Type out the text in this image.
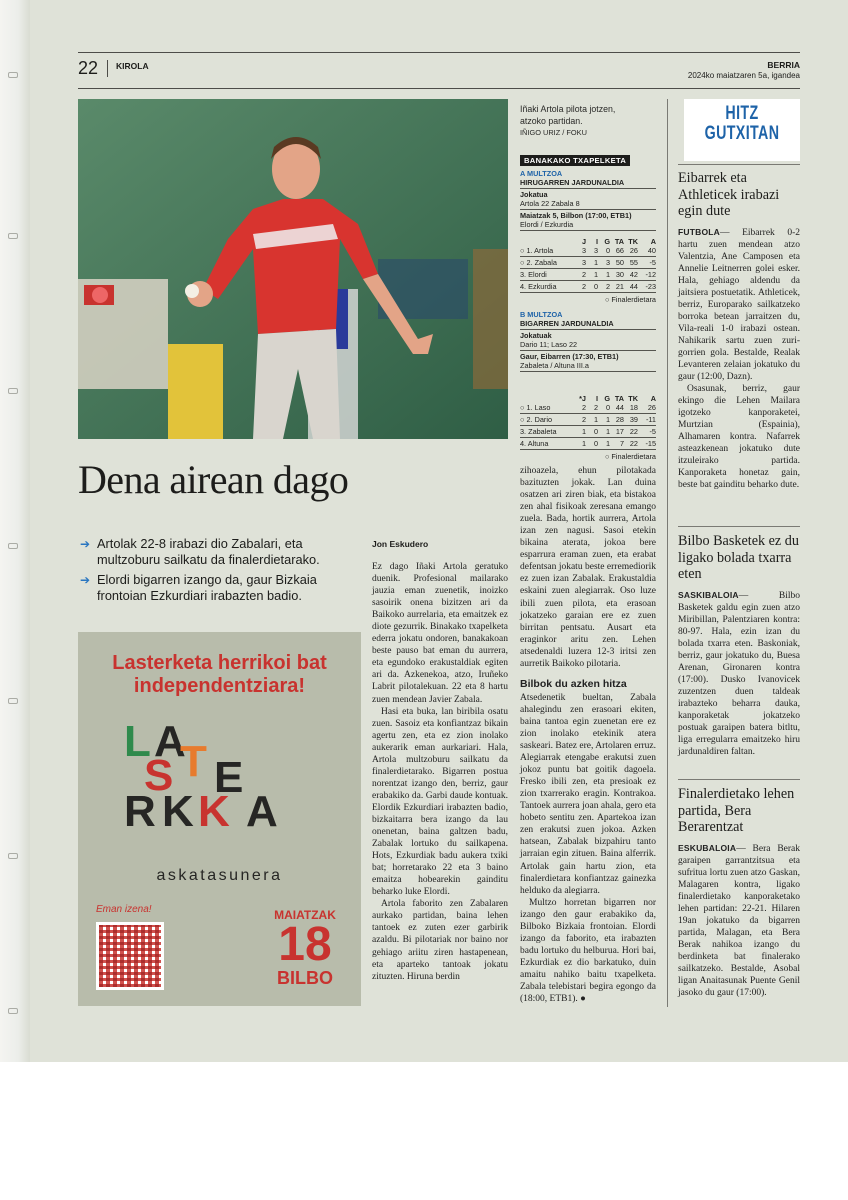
22 KIROLA	BERRIA
2024ko maiatzaren 5a, igandea
Iñaki Artola pilota jotzen,
atzoko partidan.
IÑIGO URIZ / FOKU
BANAKAKO TXAPELKETA
A MULTZOA
HIRUGARREN JARDUNALDIA
Jokatua
Artola 22 Zabala 8
Maiatzak 5, Bilbon (17:00, ETB1)
Elordi / Ezkurdia
J	I G TA TK	A
○ 1. Artola	3	3	0 66 26	40
○ 2. Zabala	3	1	3 50 55	-5
3. Elordi	2	1	1 30 42	-12
4. Ezkurdia	2	0	2 21 44	-23
○ Finalerdietara
B MULTZOA
BIGARREN JARDUNALDIA
Jokatuak
Dario 11; Laso 22
Gaur, Eibarren (17:30, ETB1)
Zabaleta / Altuna III.a
*J	I G TA TK	A
○ 1. Laso	2	2	0 44 18	26
○ 2. Dario	2	1	1 28 39	-11
3. Zabaleta	1	0	1 17 22	-5
4. Altuna	1	0	1	7 22	-15
○ Finalerdietara
Dena airean dago
➔ Artolak 22-8 irabazi dio Zabalari, eta multzoburu sailkatu da finalerdietarako.
➔ Elordi bigarren izango da, gaur Bizkaia frontoian Ezkurdiari irabazten badio.
Jon Eskudero

Ez dago Iñaki Artola geratuko duenik. Profesional mailarako jauzia eman zuenetik, inoizko sasoirik onena bizitzen ari da Baikoko aurrelaria, eta emaitzek ez diote gezurrik. Binakako txapelketa ederra jokatu ondoren, banakakoan beste pauso bat eman du aurrera, eta egundoko erakustaldiak egiten ari da. Azkenekoa, atzo, Iruñeko Labrit pilotalekuan. 22 eta 8 hartu zuen mendean Javier Zabala.

Hasi eta buka, lan biribila osatu zuen. Sasoiz eta konfiantzaz bikain agertu zen, eta ez zion inolako aukerarik eman aurkariari. Hala, Artola multzoburu sailkatu da finalerdietarako. Bigarren postua norentzat izango den, berriz, gaur erabakiko da. Garbi daude kontuak. Elordik Ezkurdiari irabazten badio, bizkaitarra bera izango da lau onenetan, baina galtzen badu, Zabalak lortuko du sailkapena. Hots, Ezkurdiak badu aukera txiki bat; horretarako 22 eta 3 baino emaitza hobearekin gainditu beharko luke Elordi.

Artola faborito zen Zabalaren aurkako partidan, baina lehen tantoek ez zuten ezer garbirik azaldu. Bi pilotariak nor baino nor gehiago ariitu ziren hastapenean, eta aparteko tantoak jokatu zituzten. Hiruna berdin

zihoazela, ehun pilotakada bazituzten jokak. Lan duina osatzen ari ziren biak, eta bistakoa zen ahal fisikoak zeresana emango zuela. Bada, hortik aurrera, Artola izan zen nagusi. Sasoi etekin bikaina aterata, jokoa bere esparrura eraman zuen, eta erabat defentsan jokatu beste erremediorik ez zuen izan Zabalak. Erakustaldia eskaini zuen alegiarrak. Oso luze ibili zuen pilota, eta erasoan jokatzeko garaian ere ez zuen birritan pentsatu. Ausart eta eraginkor aritu zen. Lehen atsedenaldi luzera 12-3 iritsi zen aurretik Baikoko pilotaria.

Bilbok du azken hitza

Atsedenetik bueltan, Zabala ahalegindu zen erasoari ekiten, baina tantoa egin zuenetan ere ez zion inolako etekinik atera saskeari. Batez ere, Artolaren erruz. Alegiarrak etengabe erakutsi zuen jokoz puntu bat goitik dagoela. Fresko ibili zen, eta presioak ez zion txarrerako eragin. Kontrakoa. Tantoek aurrera joan ahala, gero eta hobeto sentitu zen. Apartekoa izan zen erakutsi zuen jokoa. Azken hatsean, Zabalak bizpahiru tanto jarraian egin zituen. Baina alferrik. Artolak gain hartu zion, eta finalerdietara konfiantzaz gainezka helduko da alegiarra.

Multzo horretan bigarren nor izango den gaur erabakiko da, Bilboko Bizkaia frontoian. Elordi izango da faborito, eta irabazten badu lortuko du helburua. Hori bai, Ezkurdiak ez dio barkatuko, duin amaitu nahiko baitu txapelketa. Zabala telebistari begira egongo da (18:00, ETB1). ●

Lasterketa herrikoi bat
independentziara!
L A
S T E
R K K A
askatasunera
Eman izena!	MAIATZAK
18
BILBO
HITZ
GUTXITAN
Eibarrek eta Athleticek irabazi egin dute

FUTBOLA— Eibarrek 0-2 hartu zuen mendean atzo Valentzia, Ane Camposen eta Annelie Leitnerren golei esker. Hala, gehiago aldendu da jaitsiera postuetatik. Athleticek, berriz, Europarako sailkatzeko borroka betean jarraitzen du, Vila-reali 1-0 irabazi ostean. Nahikarik sartu zuen zuri-gorrien gola. Bestalde, Realak Levanteren zelaian jokatuko du gaur (12:00, Dazn).

Osasunak, berriz, gaur ekingo die Lehen Mailara igotzeko kanporaketei, Murtzian (Espainia), Alhamaren kontra. Nafarrek asteazkenean jokatuko dute itzuleirako partida. Kanporaketa honetaz gain, beste bat gainditu beharko dute.

Bilbo Basketek ez du ligako bolada txarra eten

SASKIBALOIA— Bilbo Basketek galdu egin zuen atzo Miribillan, Palentziaren kontra: 80-97. Hala, ezin izan du bolada txarra eten. Baskoniak, berriz, gaur jokatuko du, Buesa Arenan, Gironaren kontra (17:00). Dusko Ivanovicek zuzentzen duen taldeak irabazteko beharra dauka, kanporaketak jokatzeko postuak garaipen batera bitltu, liga erregularra emaitzeko hiru jardunaldiren faltan.

Finalerdietako lehen partida, Bera Berarentzat

ESKUBALOIA— Bera Berak garaipen garrantzitsua eta sufritua lortu zuen atzo Gaskan, Malagaren kontra, ligako finalerdietako kanporaketako lehen partidan: 22-21. Hilaren 19an jokatuko da bigarren partida, Malagan, eta Bera Berak nahikoa izango du berdinketa bat finalerako sailkatzeko. Bestalde, Asobal ligan Anaitasunak Puente Genil jasoko du gaur (17:00).
